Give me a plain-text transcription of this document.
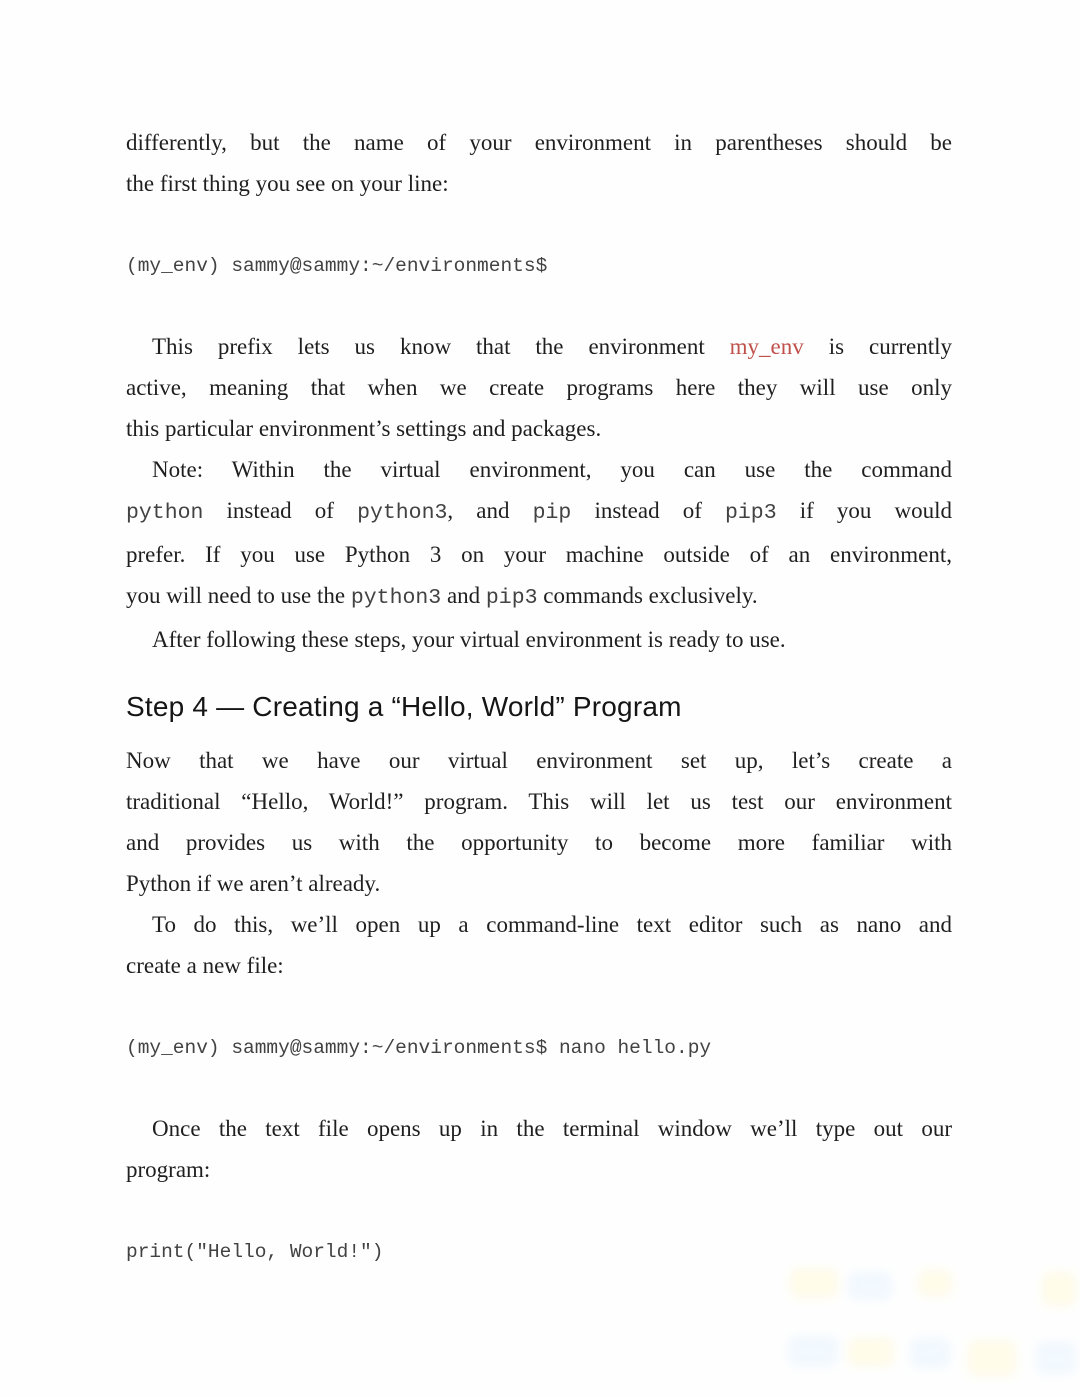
differently, but the name of your environment in parentheses should be
the first thing you see on your line:
(my_env) sammy@sammy:~/environments$
This prefix lets us know that the environment my_env is currently
active, meaning that when we create programs here they will use only
this particular environment’s settings and packages.
Note: Within the virtual environment, you can use the command
python instead of python3, and pip instead of pip3 if you would
prefer. If you use Python 3 on your machine outside of an environment,
you will need to use the python3 and pip3 commands exclusively.
After following these steps, your virtual environment is ready to use.
Step 4 — Creating a “Hello, World” Program
Now that we have our virtual environment set up, let’s create a
traditional “Hello, World!” program. This will let us test our environment
and provides us with the opportunity to become more familiar with
Python if we aren’t already.
To do this, we’ll open up a command-line text editor such as nano and
create a new file:
(my_env) sammy@sammy:~/environments$ nano hello.py
Once the text file opens up in the terminal window we’ll type out our
program:
print("Hello, World!")
